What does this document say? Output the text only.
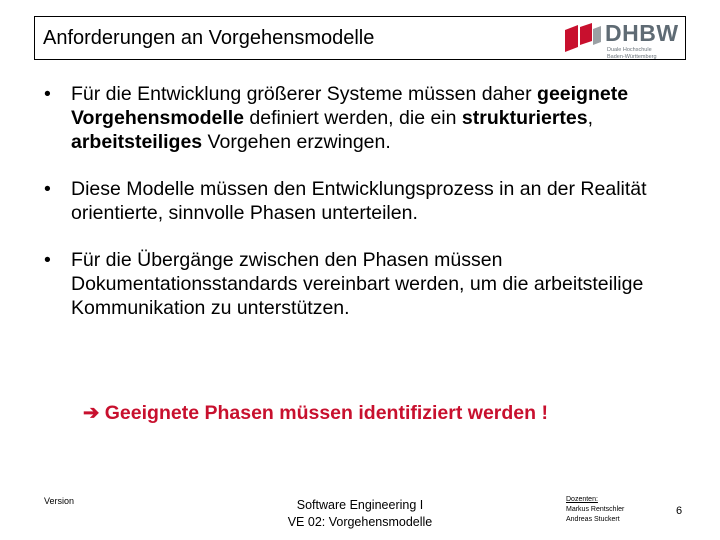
Anforderungen an Vorgehensmodelle	DHBW
Duale Hochschule
Baden-Württemberg
• Für die Entwicklung größerer Systeme müssen daher geeignete Vorgehensmodelle definiert werden, die ein strukturiertes, arbeitsteiliges Vorgehen erzwingen.
• Diese Modelle müssen den Entwicklungsprozess in an der Realität orientierte, sinnvolle Phasen unterteilen.
• Für die Übergänge zwischen den Phasen müssen Dokumentationsstandards vereinbart werden, um die arbeitsteilige Kommunikation zu unterstützen.
➔ Geeignete Phasen müssen identifiziert werden !
Version	Software Engineering I
VE 02: Vorgehensmodelle
Dozenten:
Markus Rentschler
Andreas Stuckert
6
